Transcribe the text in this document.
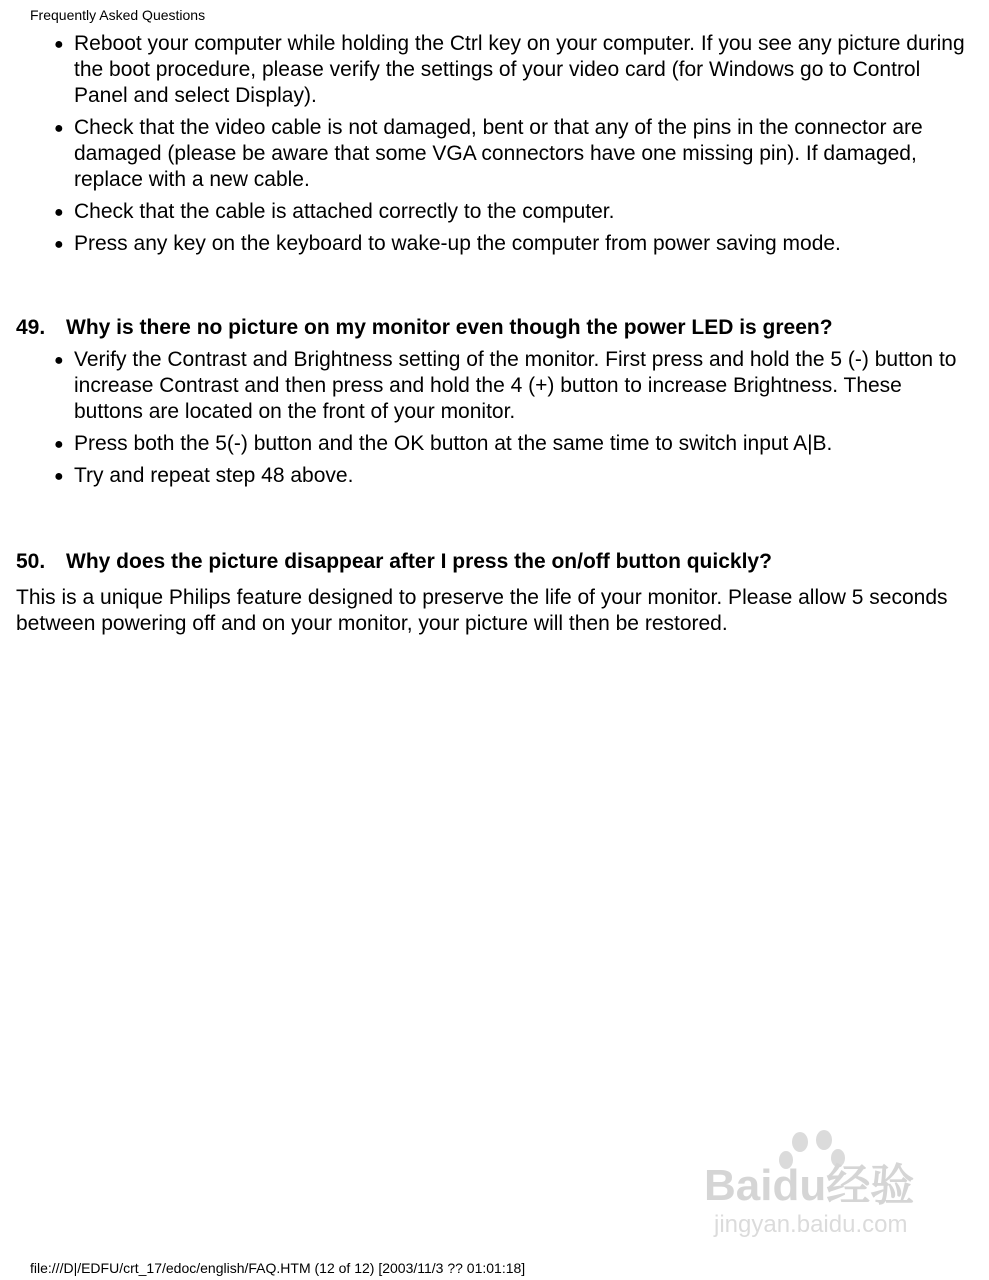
Frequently Asked Questions
● Reboot your computer while holding the Ctrl key on your computer. If you see any picture during the boot procedure, please verify the settings of your video card (for Windows go to Control Panel and select Display).
● Check that the video cable is not damaged, bent or that any of the pins in the connector are damaged (please be aware that some VGA connectors have one missing pin). If damaged, replace with a new cable.
● Check that the cable is attached correctly to the computer.
● Press any key on the keyboard to wake-up the computer from power saving mode.
49. Why is there no picture on my monitor even though the power LED is green?
● Verify the Contrast and Brightness setting of the monitor. First press and hold the 5 (-) button to increase Contrast and then press and hold the 4 (+) button to increase Brightness. These buttons are located on the front of your monitor.
● Press both the 5(-) button and the OK button at the same time to switch input A|B.
● Try and repeat step 48 above.
50. Why does the picture disappear after I press the on/off button quickly?

This is a unique Philips feature designed to preserve the life of your monitor. Please allow 5 seconds between powering off and on your monitor, your picture will then be restored.

Baidu经验
jingyan.baidu.com
file:///D|/EDFU/crt_17/edoc/english/FAQ.HTM (12 of 12) [2003/11/3 ?? 01:01:18]
